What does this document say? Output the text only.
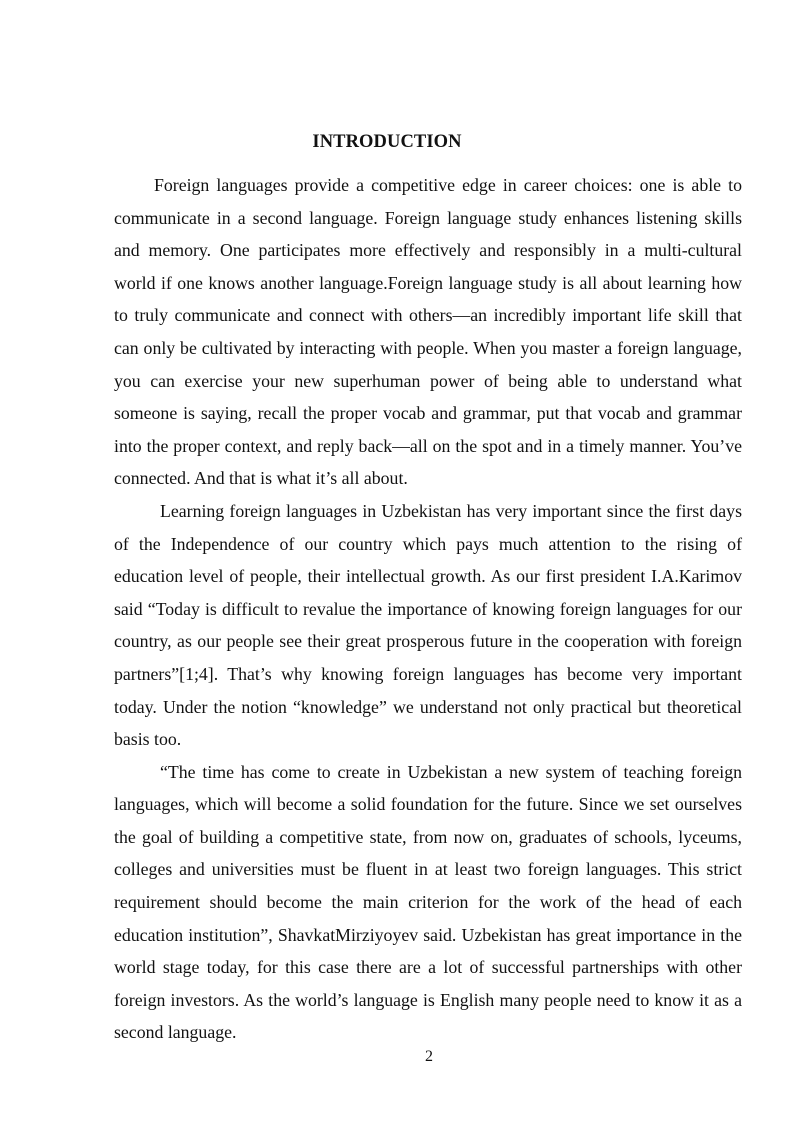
INTRODUCTION

Foreign languages provide a competitive edge in career choices: one is able to communicate in a second language. Foreign language study enhances listening skills and memory. One participates more effectively and responsibly in a multi-cultural world if one knows another language.Foreign language study is all about learning how to truly communicate and connect with others—an incredibly important life skill that can only be cultivated by interacting with people. When you master a foreign language, you can exercise your new superhuman power of being able to understand what someone is saying, recall the proper vocab and grammar, put that vocab and grammar into the proper context, and reply back—all on the spot and in a timely manner. You’ve connected. And that is what it’s all about.

Learning foreign languages in Uzbekistan has very important since the first days of the Independence of our country which pays much attention to the rising of education level of people, their intellectual growth. As our first president I.A.Karimov said “Today is difficult to revalue the importance of knowing foreign languages for our country, as our people see their great prosperous future in the cooperation with foreign partners”[1;4]. That’s why knowing foreign languages has become very important today. Under the notion “knowledge” we understand not only practical but theoretical basis too.

“The time has come to create in Uzbekistan a new system of teaching foreign languages, which will become a solid foundation for the future. Since we set ourselves the goal of building a competitive state, from now on, graduates of schools, lyceums, colleges and universities must be fluent in at least two foreign languages. This strict requirement should become the main criterion for the work of the head of each education institution”, ShavkatMirziyoyev said. Uzbekistan has great importance in the world stage today, for this case there are a lot of successful partnerships with other foreign investors. As the world’s language is English many people need to know it as a second language.

2
